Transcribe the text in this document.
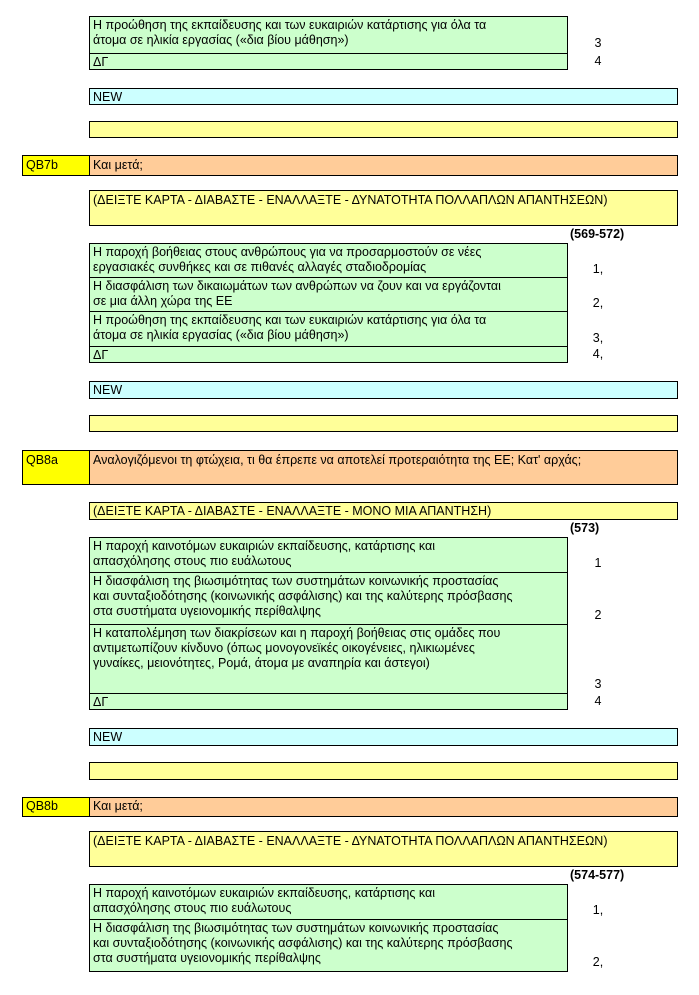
Η προώθηση της εκπαίδευσης και των ευκαιριών κατάρτισης για όλα τα
άτομα σε ηλικία εργασίας («δια βίου μάθηση»)	3
ΔΓ	4
NEW
QB7b	Και μετά;
(ΔΕΙΞΤΕ ΚΑΡΤΑ - ΔΙΑΒΑΣΤΕ - ΕΝΑΛΛΑΞΤΕ - ΔΥΝΑΤΟΤΗΤΑ ΠΟΛΛΑΠΛΩΝ ΑΠΑΝΤΗΣΕΩΝ)
(569-572)
Η παροχή βοήθειας στους ανθρώπους για να προσαρμοστούν σε νέες
εργασιακές συνθήκες και σε πιθανές αλλαγές σταδιοδρομίας	1,
Η διασφάλιση των δικαιωμάτων των ανθρώπων να ζουν και να εργάζονται
σε μια άλλη χώρα της ΕΕ	2,
Η προώθηση της εκπαίδευσης και των ευκαιριών κατάρτισης για όλα τα
άτομα σε ηλικία εργασίας («δια βίου μάθηση»)	3,
ΔΓ	4,
NEW
QB8a	Αναλογιζόμενοι τη φτώχεια, τι θα έπρεπε να αποτελεί προτεραιότητα της ΕΕ; Κατ' αρχάς;
(ΔΕΙΞΤΕ ΚΑΡΤΑ - ΔΙΑΒΑΣΤΕ - ΕΝΑΛΛΑΞΤΕ - ΜΟΝΟ ΜΙΑ ΑΠΑΝΤΗΣΗ)
(573)
Η παροχή καινοτόμων ευκαιριών εκπαίδευσης, κατάρτισης και
απασχόλησης στους πιο ευάλωτους	1
Η διασφάλιση της βιωσιμότητας των συστημάτων κοινωνικής προστασίας
και συνταξιοδότησης (κοινωνικής ασφάλισης) και της καλύτερης πρόσβασης
στα συστήματα υγειονομικής περίθαλψης	2
Η καταπολέμηση των διακρίσεων και η παροχή βοήθειας στις ομάδες που
αντιμετωπίζουν κίνδυνο (όπως μονογονεϊκές οικογένειες, ηλικιωμένες
γυναίκες, μειονότητες, Ρομά, άτομα με αναπηρία και άστεγοι)
3
ΔΓ	4
NEW
QB8b	Και μετά;
(ΔΕΙΞΤΕ ΚΑΡΤΑ - ΔΙΑΒΑΣΤΕ - ΕΝΑΛΛΑΞΤΕ - ΔΥΝΑΤΟΤΗΤΑ ΠΟΛΛΑΠΛΩΝ ΑΠΑΝΤΗΣΕΩΝ)
(574-577)
Η παροχή καινοτόμων ευκαιριών εκπαίδευσης, κατάρτισης και
απασχόλησης στους πιο ευάλωτους	1,
Η διασφάλιση της βιωσιμότητας των συστημάτων κοινωνικής προστασίας
και συνταξιοδότησης (κοινωνικής ασφάλισης) και της καλύτερης πρόσβασης
στα συστήματα υγειονομικής περίθαλψης	2,
